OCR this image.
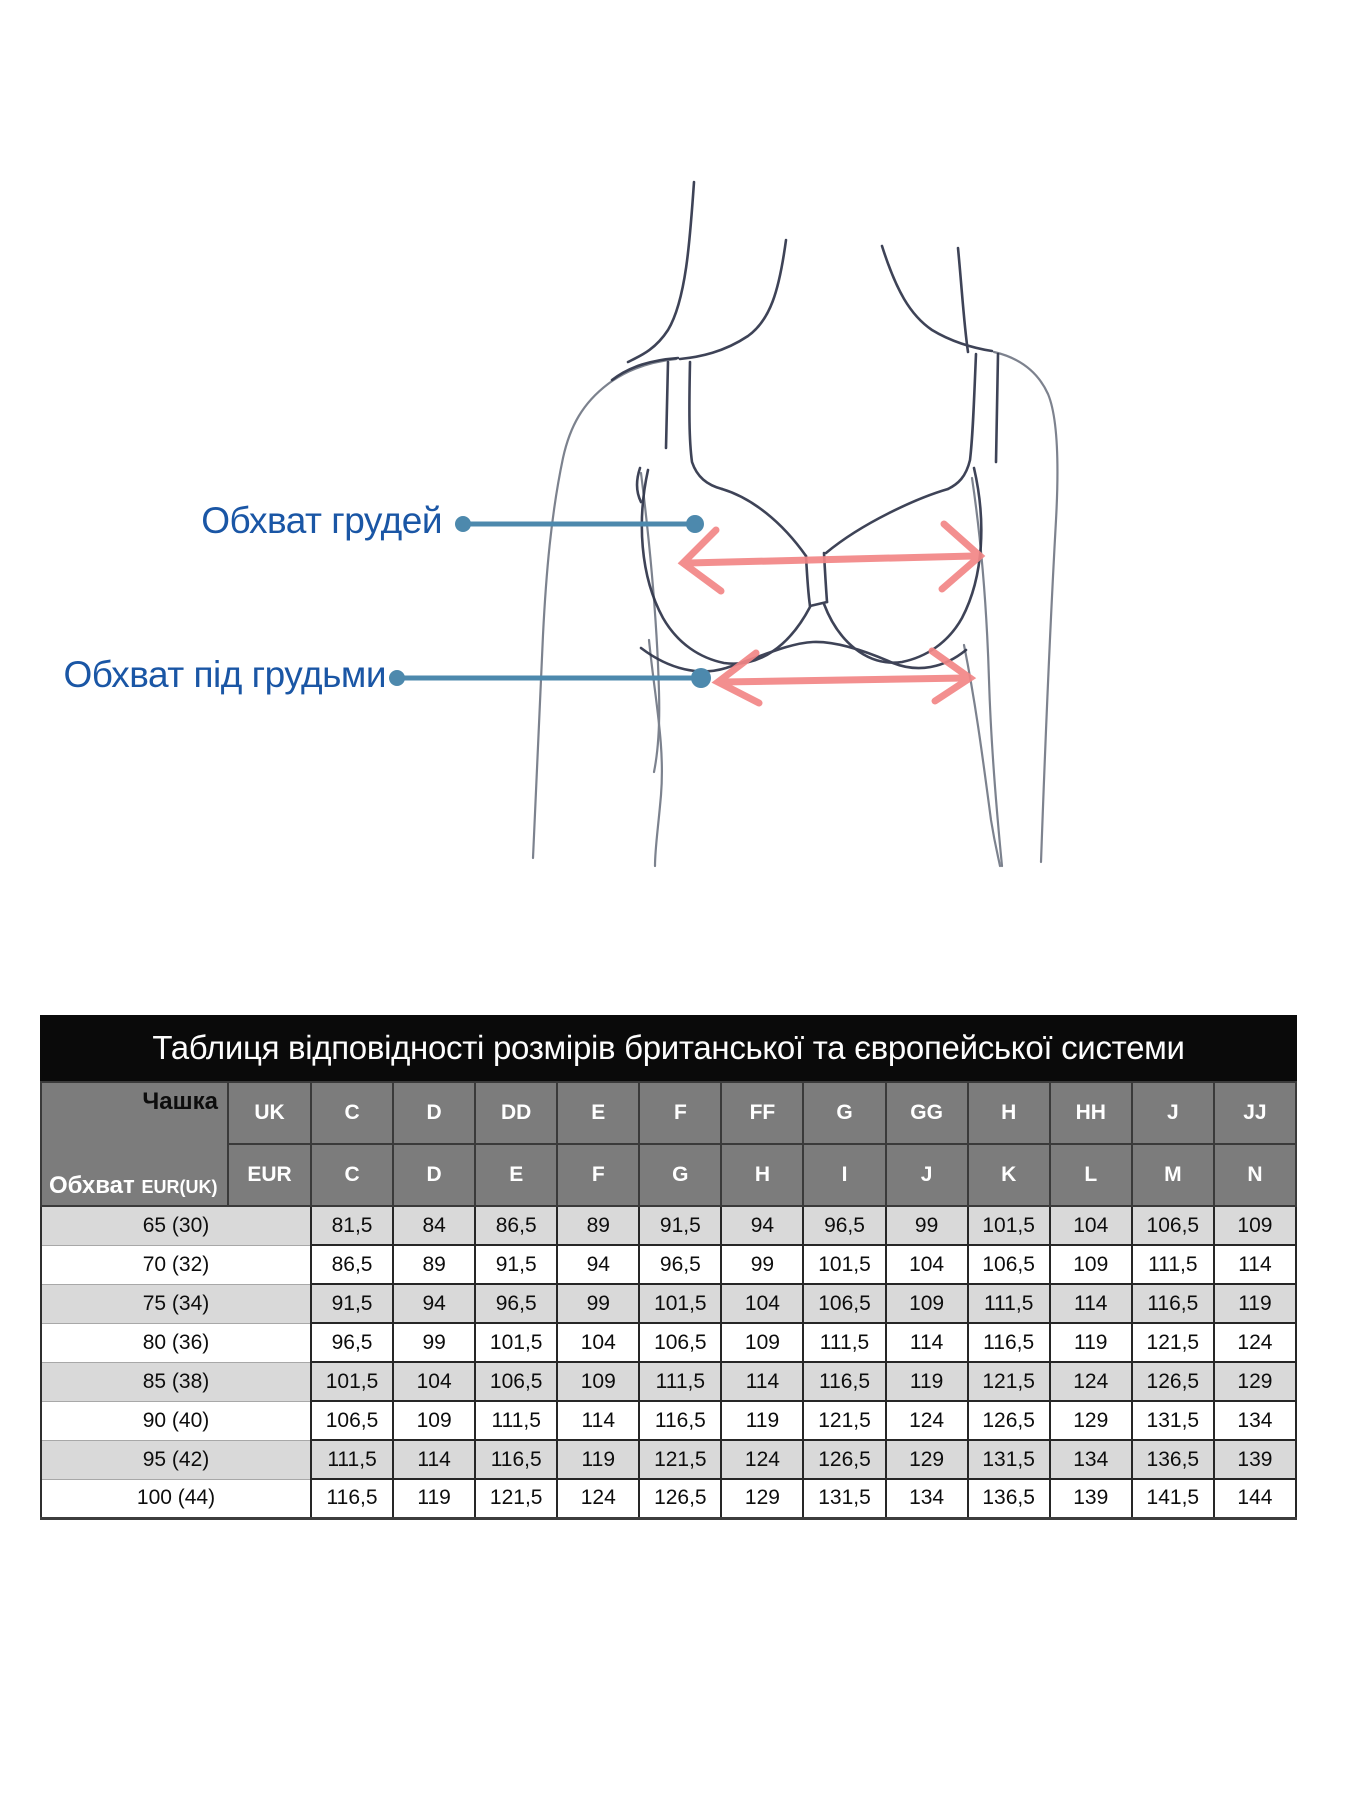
Обхват грудей
Обхват під грудьми
Таблиця відповідності розмірів британської та європейської системи
Чашка
Обхват EUR(UK)	UK	C	D	DD	E	F	FF	G	GG	H	HH	J	JJ
	EUR	C	D	E	F	G	H	I	J	K	L	M	N
65 (30)		81,5	84	86,5	89	91,5	94	96,5	99	101,5	104	106,5	109
70 (32)		86,5	89	91,5	94	96,5	99	101,5	104	106,5	109	111,5	114
75 (34)		91,5	94	96,5	99	101,5	104	106,5	109	111,5	114	116,5	119
80 (36)		96,5	99	101,5	104	106,5	109	111,5	114	116,5	119	121,5	124
85 (38)		101,5	104	106,5	109	111,5	114	116,5	119	121,5	124	126,5	129
90 (40)		106,5	109	111,5	114	116,5	119	121,5	124	126,5	129	131,5	134
95 (42)		111,5	114	116,5	119	121,5	124	126,5	129	131,5	134	136,5	139
100 (44)		116,5	119	121,5	124	126,5	129	131,5	134	136,5	139	141,5	144
